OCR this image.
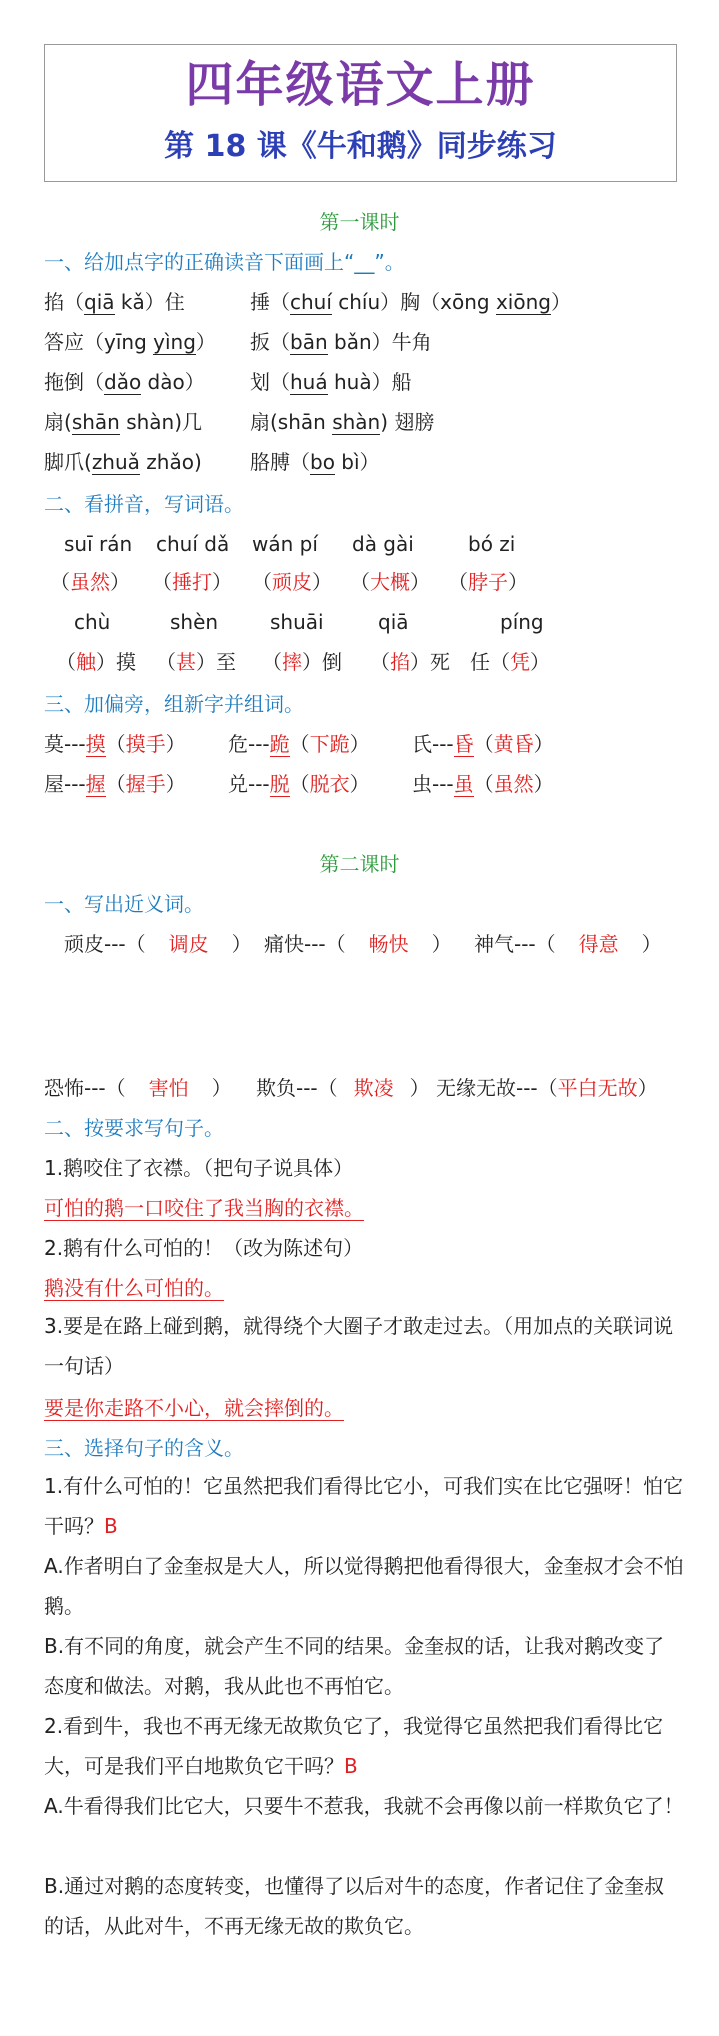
四年级语文上册
第 18 课《牛和鹅》同步练习
第一课时
一、给加点字的正确读音下面画上“__”。
掐（qiā kǎ）住	捶（chuí chíu）胸（xōng xiōng）
答应（yīng yìng） 扳（bān bǎn）牛角
拖倒（dǎo dào） 划（huá huà）船
扇(shān shàn)几 扇(shān shàn) 翅膀
脚爪(zhuǎ zhǎo) 胳膊（bo bì）
二、看拼音，写词语。
suī rán chuí dǎ wán pí dà gài	bó zi
（虽然） （捶打） （顽皮） （大概） （脖子）
chù	shèn	shuāi	qiā	píng
（触）摸 （甚）至 （摔）倒 （掐）死 任（凭）
三、加偏旁，组新字并组词。
莫---摸（摸手） 危---跪（下跪） 氏---昏（黄昏）
屋---握（握手） 兑---脱（脱衣） 虫---虽（虽然）
第二课时
一、写出近义词。
顽皮---（ 调皮 ） 痛快---（ 畅快 ） 神气---（ 得意 ）
恐怖---（ 害怕 ） 欺负---（ 欺凌 ） 无缘无故---（平白无故）
二、按要求写句子。
1.鹅咬住了衣襟。（把句子说具体）
可怕的鹅一口咬住了我当胸的衣襟。
2.鹅有什么可怕的！（改为陈述句）
鹅没有什么可怕的。
3.要是在路上碰到鹅，就得绕个大圈子才敢走过去。（用加点的关联词说一句话）
要是你走路不小心，就会摔倒的。
三、选择句子的含义。
1.有什么可怕的！它虽然把我们看得比它小，可我们实在比它强呀！怕它干吗？B
A.作者明白了金奎叔是大人，所以觉得鹅把他看得很大，金奎叔才会不怕鹅。
B.有不同的角度，就会产生不同的结果。金奎叔的话，让我对鹅改变了态度和做法。对鹅，我从此也不再怕它。
2.看到牛，我也不再无缘无故欺负它了，我觉得它虽然把我们看得比它大，可是我们平白地欺负它干吗？B
A.牛看得我们比它大，只要牛不惹我，我就不会再像以前一样欺负它了！
B.通过对鹅的态度转变，也懂得了以后对牛的态度，作者记住了金奎叔的话，从此对牛，不再无缘无故的欺负它。
